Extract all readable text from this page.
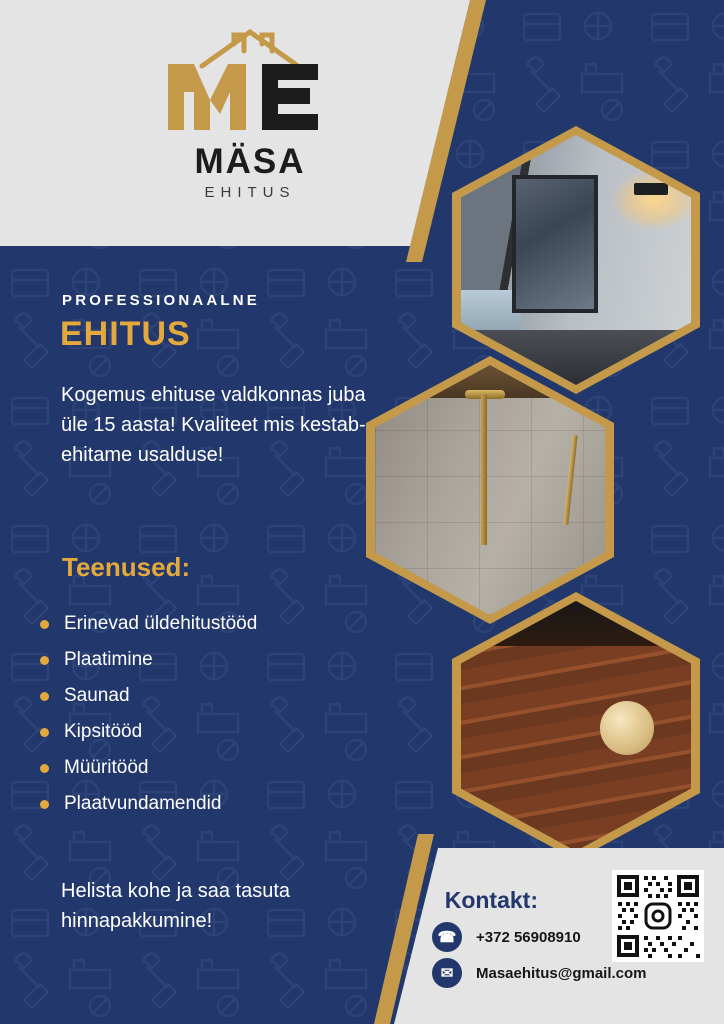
MÄSA
EHITUS
PROFESSIONAALNE
EHITUS
Kogemus ehituse valdkonnas juba üle 15 aasta! Kvaliteet mis kestab- ehitame usalduse!
Teenused:
Erinevad üldehitustööd
Plaatimine
Saunad
Kipsitööd
Müüritööd
Plaatvundamendid
Helista kohe ja saa tasuta hinnapakkumine!
Kontakt:
☎	+372 56908910
✉	Masaehitus@gmail.com
